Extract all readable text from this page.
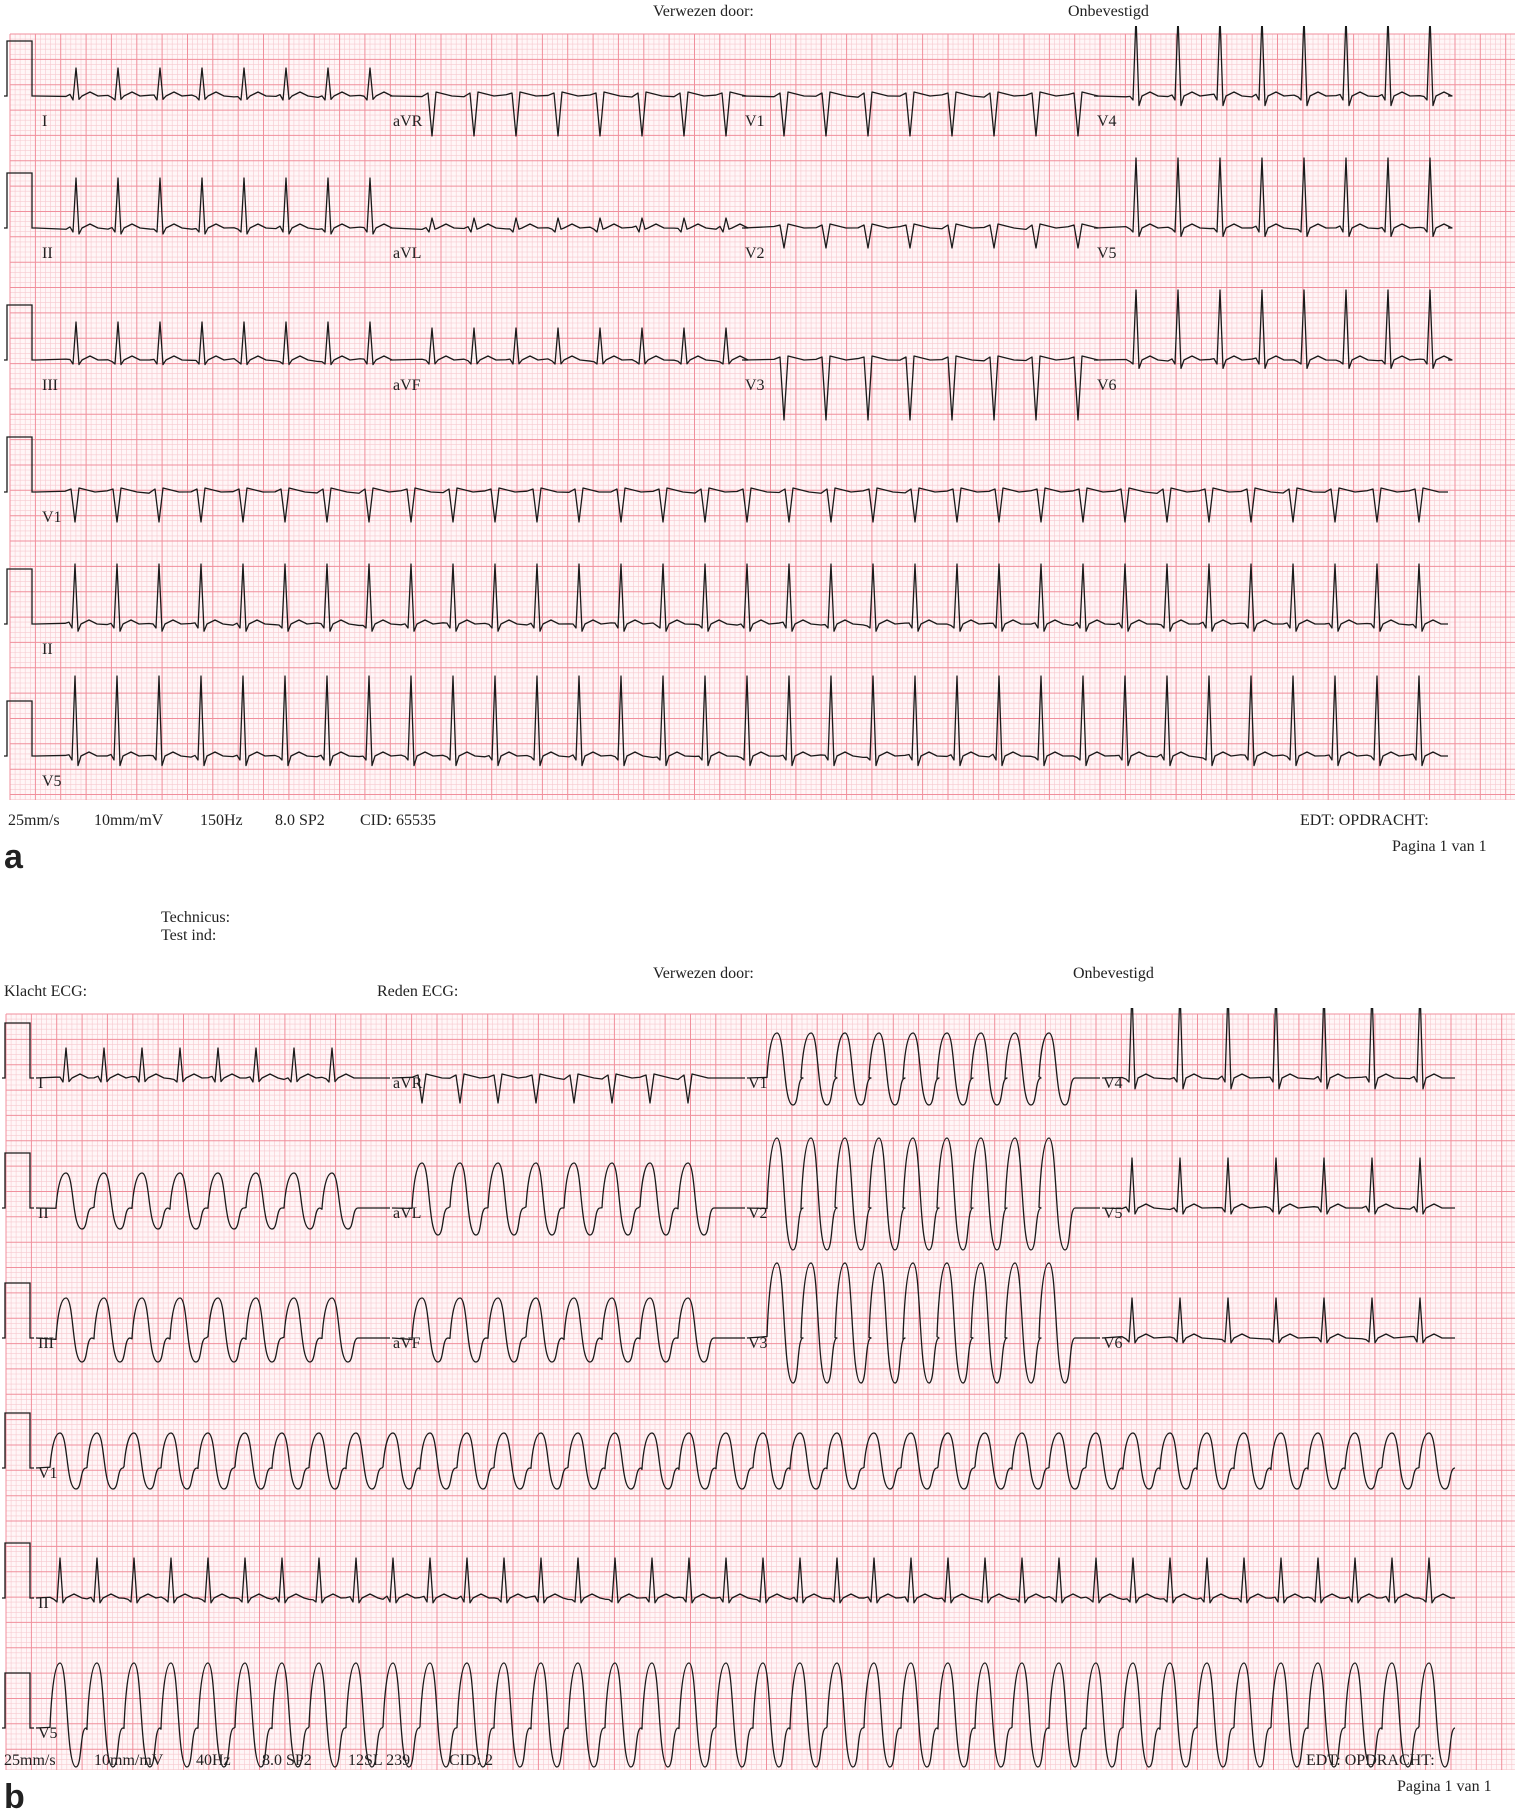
Verwezen door:	Onbevestigd
I	aVR	V1	V4
II	aVL	V2	V5
III	aVF	V3	V6
V1
II
V5
25mm/s 10mm/mV 150Hz 8.0 SP2 CID: 65535	EDT: OPDRACHT:
Pagina 1 van 1
a
Technicus:
Test ind:
Verwezen door:	Onbevestigd
Klacht ECG:	Reden ECG:
I	aVR	V1	V4
II	aVL	V2	V5
III	aVF	V3	V6
V1
II
V5
25mm/s 10mm/mV 40Hz 8.0 SP2 12SL 239 CID: 2	EDT: OPDRACHT:
Pagina 1 van 1
b
